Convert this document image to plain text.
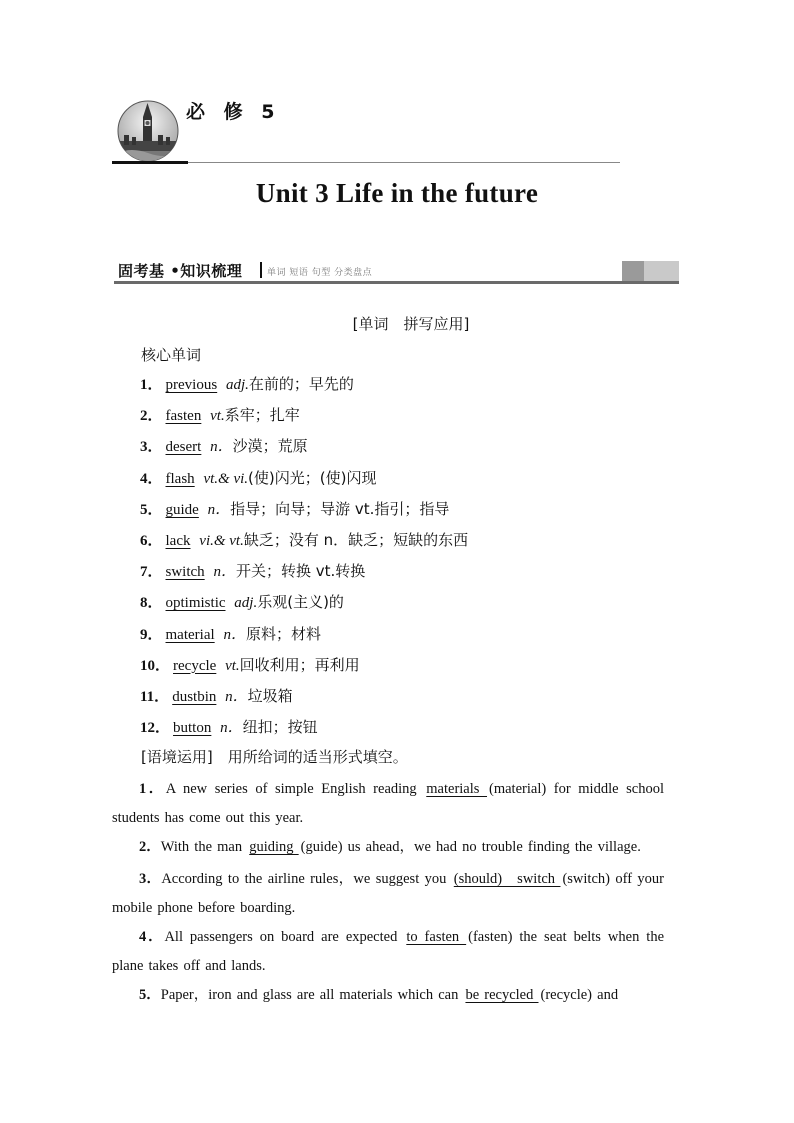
必 修 5
Unit 3 Life in the future
固考基 •知识梳理	单词 短语 句型 分类盘点
[单词　拼写应用]
核心单词
1． previous adj.在前的；早先的
2． fasten vt.系牢；扎牢
3． desert n．沙漠；荒原
4． flash vt.& vi.(使)闪光；(使)闪现
5． guide n．指导；向导；导游 vt.指引；指导
6． lack vi.& vt.缺乏；没有 n．缺乏；短缺的东西
7． switch n．开关；转换 vt.转换
8． optimistic adj.乐观(主义)的
9． material n．原料；材料
10． recycle vt.回收利用；再利用
11． dustbin n．垃圾箱
12． button n．纽扣；按钮
[语境运用]　用所给词的适当形式填空。

1．A new series of simple English reading materials (material) for middle school students has come out this year.

2．With the man guiding (guide) us ahead，we had no trouble finding the village.

3．According to the airline rules，we suggest you (should)　switch (switch) off your mobile phone before boarding.

4．All passengers on board are expected to fasten (fasten) the seat belts when the plane takes off and lands.

5．Paper，iron and glass are all materials which can be recycled (recycle) and
